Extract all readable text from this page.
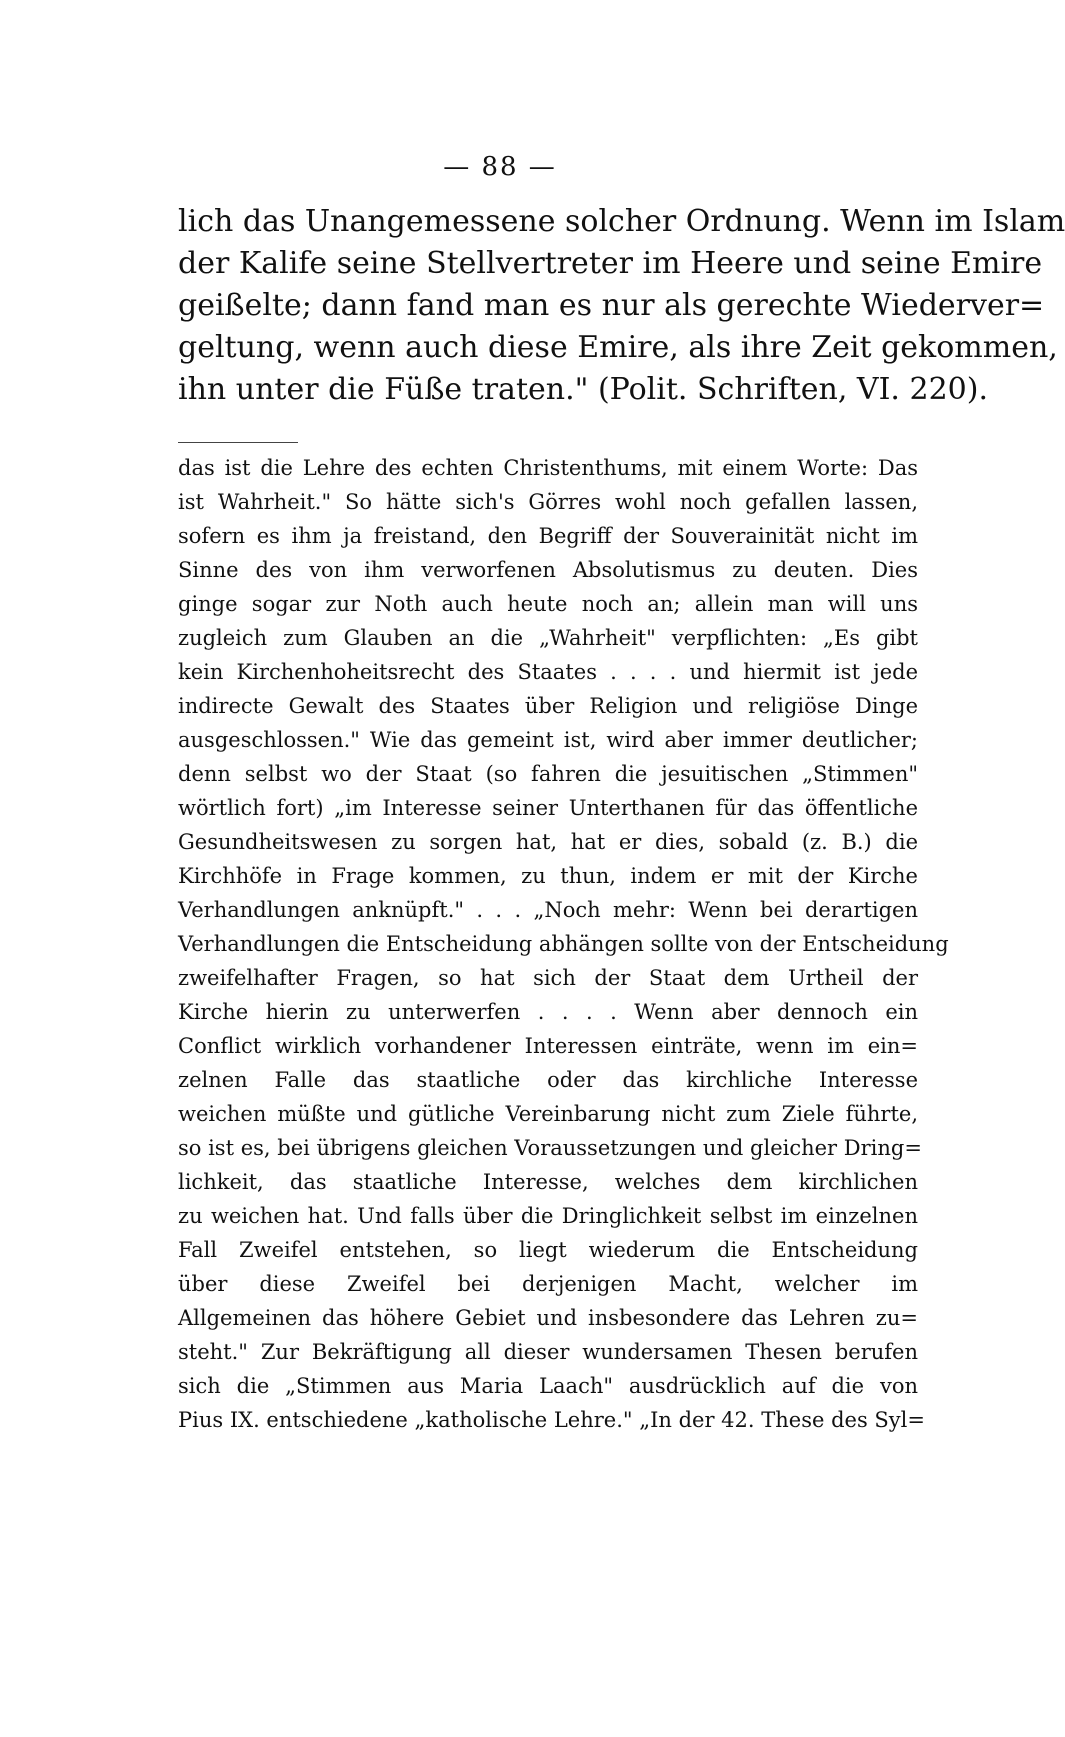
— 88 —
lich das Unangemessene solcher Ordnung. Wenn im Islam
der Kalife seine Stellvertreter im Heere und seine Emire
geißelte; dann fand man es nur als gerechte Wiederver=
geltung, wenn auch diese Emire, als ihre Zeit gekommen,
ihn unter die Füße traten." (Polit. Schriften, VI. 220).
das ist die Lehre des echten Christenthums, mit einem Worte: Das
ist Wahrheit." So hätte sich's Görres wohl noch gefallen lassen,
sofern es ihm ja freistand, den Begriff der Souverainität nicht im
Sinne des von ihm verworfenen Absolutismus zu deuten. Dies
ginge sogar zur Noth auch heute noch an; allein man will uns
zugleich zum Glauben an die „Wahrheit" verpflichten: „Es gibt
kein Kirchenhoheitsrecht des Staates . . . . und hiermit ist jede
indirecte Gewalt des Staates über Religion und religiöse Dinge
ausgeschlossen." Wie das gemeint ist, wird aber immer deutlicher;
denn selbst wo der Staat (so fahren die jesuitischen „Stimmen"
wörtlich fort) „im Interesse seiner Unterthanen für das öffentliche
Gesundheitswesen zu sorgen hat, hat er dies, sobald (z. B.) die
Kirchhöfe in Frage kommen, zu thun, indem er mit der Kirche
Verhandlungen anknüpft." . . . „Noch mehr: Wenn bei derartigen
Verhandlungen die Entscheidung abhängen sollte von der Entscheidung
zweifelhafter Fragen, so hat sich der Staat dem Urtheil der
Kirche hierin zu unterwerfen . . . . Wenn aber dennoch ein
Conflict wirklich vorhandener Interessen einträte, wenn im ein=
zelnen Falle das staatliche oder das kirchliche Interesse
weichen müßte und gütliche Vereinbarung nicht zum Ziele führte,
so ist es, bei übrigens gleichen Voraussetzungen und gleicher Dring=
lichkeit, das staatliche Interesse, welches dem kirchlichen
zu weichen hat. Und falls über die Dringlichkeit selbst im einzelnen
Fall Zweifel entstehen, so liegt wiederum die Entscheidung
über diese Zweifel bei derjenigen Macht, welcher im
Allgemeinen das höhere Gebiet und insbesondere das Lehren zu=
steht." Zur Bekräftigung all dieser wundersamen Thesen berufen
sich die „Stimmen aus Maria Laach" ausdrücklich auf die von
Pius IX. entschiedene „katholische Lehre." „In der 42. These des Syl=
